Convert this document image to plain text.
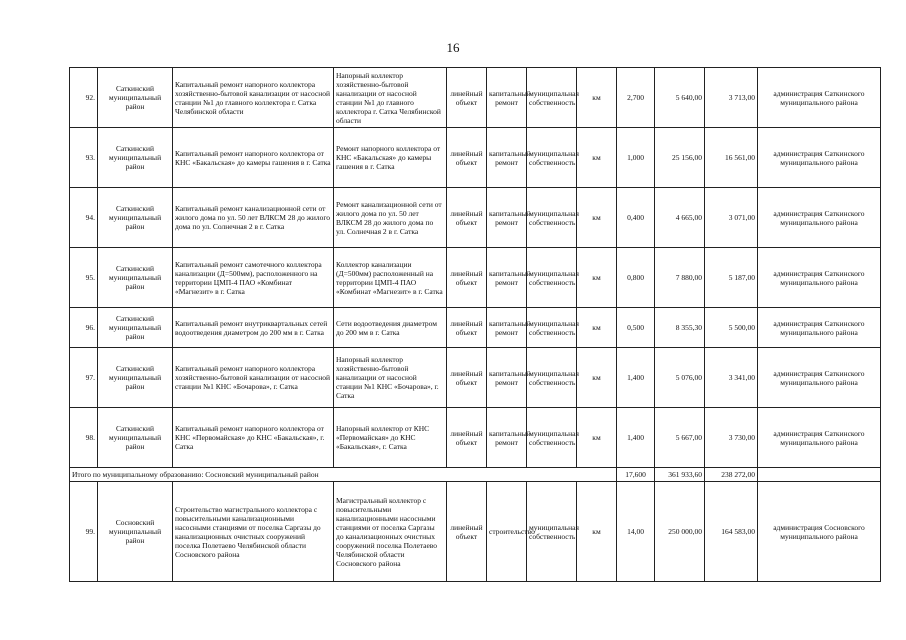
16
92.	Саткинский муниципальный район	Капитальный ремонт напорного коллектора хозяйственно-бытовой канализации от насосной станции №1 до главного коллектора г. Сатка Челябинской области	Напорный коллектор хозяйственно-бытовой канализации от насосной станции №1 до главного коллектора г. Сатка Челябинской области	линейный объект	капитальный ремонт	муниципальная собственность	км	2,700	5 640,00	3 713,00	администрация Саткинского муниципального района
93.	Саткинский муниципальный район	Капитальный ремонт напорного коллектора от КНС «Бакальская» до камеры гашения в г. Сатка	Ремонт напорного коллектора от КНС «Бакальская» до камеры гашения в г. Сатка	линейный объект	капитальный ремонт	муниципальная собственность	км	1,000	25 156,00	16 561,00	администрация Саткинского муниципального района
94.	Саткинский муниципальный район	Капитальный ремонт канализационной сети от жилого дома по ул. 50 лет ВЛКСМ 28 до жилого дома по ул. Солнечная 2 в г. Сатка	Ремонт канализационной сети от жилого дома по ул. 50 лет ВЛКСМ 28 до жилого дома по ул. Солнечная 2 в г. Сатка	линейный объект	капитальный ремонт	муниципальная собственность	км	0,400	4 665,00	3 071,00	администрация Саткинского муниципального района
95.	Саткинский муниципальный район	Капитальный ремонт самотечного коллектора канализации (Д=500мм), расположенного на территории ЦМП-4 ПАО «Комбинат «Магнезит» в г. Сатка	Коллектор канализации (Д=500мм) расположенный на территории ЦМП-4 ПАО «Комбинат «Магнезит» в г. Сатка	линейный объект	капитальный ремонт	муниципальная собственность	км	0,800	7 880,00	5 187,00	администрация Саткинского муниципального района
96.	Саткинский муниципальный район	Капитальный ремонт внутриквартальных сетей водоотведения диаметром до 200 мм в г. Сатка	Сети водоотведения диаметром до 200 мм в г. Сатка	линейный объект	капитальный ремонт	муниципальная собственность	км	0,500	8 355,30	5 500,00	администрация Саткинского муниципального района
97.	Саткинский муниципальный район	Капитальный ремонт напорного коллектора хозяйственно-бытовой канализации от насосной станции №1 КНС «Бочарова», г. Сатка	Напорный коллектор хозяйственно-бытовой канализации от насосной станции №1 КНС «Бочарова», г. Сатка	линейный объект	капитальный ремонт	муниципальная собственность	км	1,400	5 076,00	3 341,00	администрация Саткинского муниципального района
98.	Саткинский муниципальный район	Капитальный ремонт напорного коллектора от КНС «Первомайская» до КНС «Бакальская», г. Сатка	Напорный коллектор от КНС «Первомайская» до КНС «Бакальская», г. Сатка	линейный объект	капитальный ремонт	муниципальная собственность	км	1,400	5 667,00	3 730,00	администрация Саткинского муниципального района
Итого по муниципальному образованию: Сосновский муниципальный район								17,600	361 933,60	238 272,00	
99.	Сосновский муниципальный район	Строительство магистрального коллектора с повысительными канализационными насосными станциями от поселка Саргазы до канализационных очистных сооружений поселка Полетаево Челябинской области Сосновского района	Магистральный коллектор с повысительными канализационными насосными станциями от поселка Саргазы до канализационных очистных сооружений поселка Полетаево Челябинской области Сосновского района	линейный объект	строительство	муниципальная собственность	км	14,00	250 000,00	164 583,00	администрация Сосновского муниципального района
